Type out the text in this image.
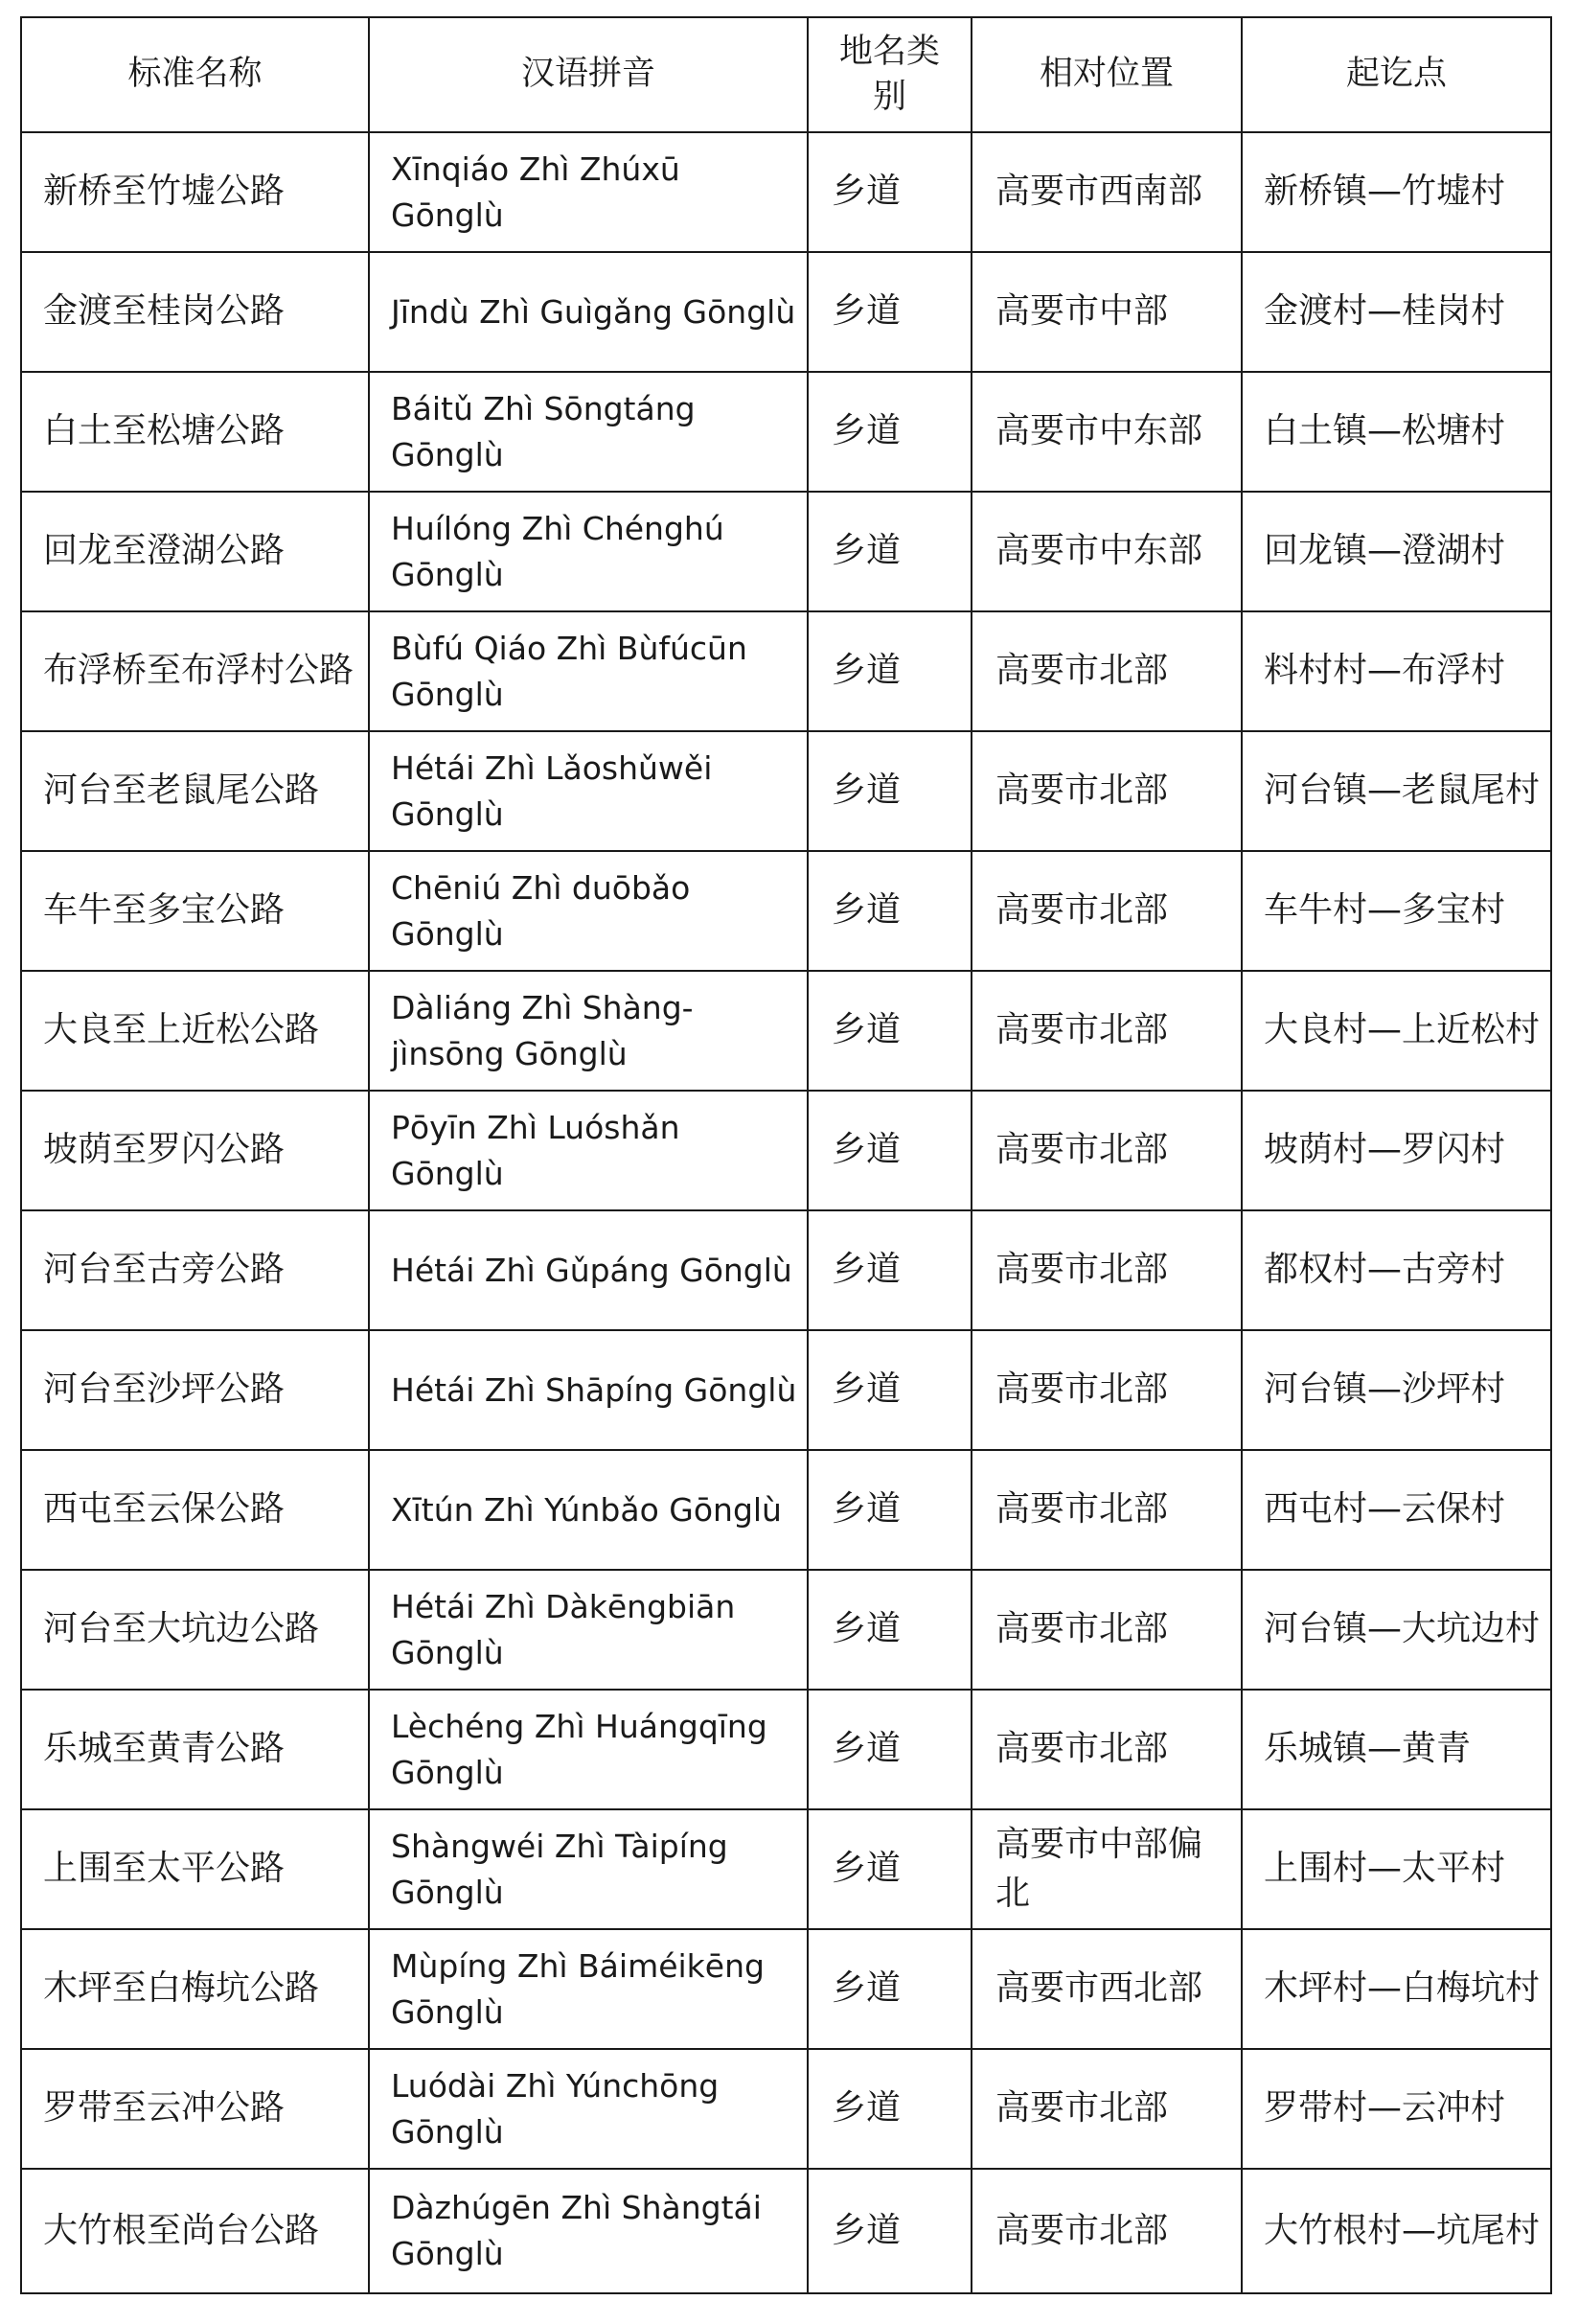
标准名称	汉语拼音	地名类别	相对位置	起讫点
新桥至竹墟公路	Xīnqiáo Zhì Zhúxū Gōnglù	乡道	高要市西南部	新桥镇—竹墟村
金渡至桂岗公路	Jīndù Zhì Guìgǎng Gōnglù	乡道	高要市中部	金渡村—桂岗村
白土至松塘公路	Báitǔ Zhì Sōngtáng Gōnglù	乡道	高要市中东部	白土镇—松塘村
回龙至澄湖公路	Huílóng Zhì Chénghú Gōnglù	乡道	高要市中东部	回龙镇—澄湖村
布浮桥至布浮村公路	Bùfú Qiáo Zhì Bùfúcūn Gōnglù	乡道	高要市北部	料村村—布浮村
河台至老鼠尾公路	Hétái Zhì Lǎoshǔwěi Gōnglù	乡道	高要市北部	河台镇—老鼠尾村
车牛至多宝公路	Chēniú Zhì duōbǎo Gōnglù	乡道	高要市北部	车牛村—多宝村
大良至上近松公路	Dàliáng Zhì Shàng-jìnsōng Gōnglù	乡道	高要市北部	大良村—上近松村
坡荫至罗闪公路	Pōyīn Zhì Luóshǎn Gōnglù	乡道	高要市北部	坡荫村—罗闪村
河台至古旁公路	Hétái Zhì Gǔpáng Gōnglù	乡道	高要市北部	都权村—古旁村
河台至沙坪公路	Hétái Zhì Shāpíng Gōnglù	乡道	高要市北部	河台镇—沙坪村
西屯至云保公路	Xītún Zhì Yúnbǎo Gōnglù	乡道	高要市北部	西屯村—云保村
河台至大坑边公路	Hétái Zhì Dàkēngbiān Gōnglù	乡道	高要市北部	河台镇—大坑边村
乐城至黄青公路	Lèchéng Zhì Huángqīng Gōnglù	乡道	高要市北部	乐城镇—黄青
上围至太平公路	Shàngwéi Zhì Tàipíng Gōnglù	乡道	高要市中部偏北	上围村—太平村
木坪至白梅坑公路	Mùpíng Zhì Báiméikēng Gōnglù	乡道	高要市西北部	木坪村—白梅坑村
罗带至云冲公路	Luódài Zhì Yúnchōng Gōnglù	乡道	高要市北部	罗带村—云冲村
大竹根至尚台公路	Dàzhúgēn Zhì Shàngtái Gōnglù	乡道	高要市北部	大竹根村—坑尾村
